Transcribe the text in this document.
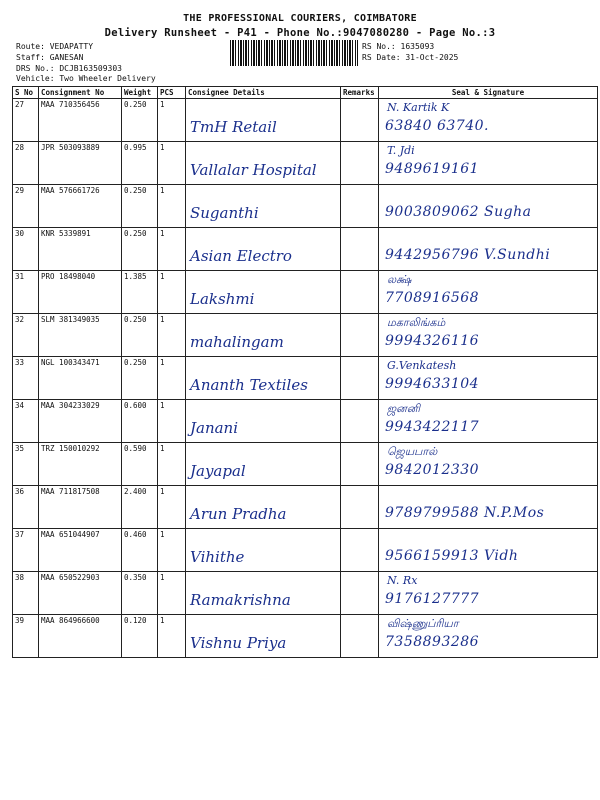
THE PROFESSIONAL COURIERS, COIMBATORE
Delivery Runsheet - P41 - Phone No.:9047080280 - Page No.:3
Route: VEDAPATTY
Staff: GANESAN
DRS No.: DCJB163509303
Vehicle: Two Wheeler Delivery
RS No.: 1635093
RS Date: 31-Oct-2025
S No	Consignment No	Weight	PCS	Consignee Details	Remarks	Seal & Signature
27	MAA 710356456	0.250	1	TmH Retail		N. Kartik K
63840 63740.

28	JPR 503093889	0.995	1	Vallalar Hospital		T. Jdi
9489619161

29	MAA 576661726	0.250	1	Suganthi		9003809062 Sugha

30	KNR 5339891	0.250	1	Asian Electro		9442956796 V.Sundhi

31	PRO 18498040	1.385	1	Lakshmi		லக்ஷ்
7708916568

32	SLM 381349035	0.250	1	mahalingam		மகாலிங்கம்
9994326116

33	NGL 100343471	0.250	1	Ananth Textiles		G.Venkatesh
9994633104

34	MAA 304233029	0.600	1	Janani		ஜனனி
9943422117

35	TRZ 150010292	0.590	1	Jayapal		ஜெயபால்
9842012330

36	MAA 711817508	2.400	1	Arun Pradha		9789799588 N.P.Mos

37	MAA 651044907	0.460	1	Vihithe		9566159913 Vidh

38	MAA 650522903	0.350	1	Ramakrishna		N. Rx
9176127777

39	MAA 864966600	0.120	1	Vishnu Priya		விஷ்ணுப்ரியா
7358893286
